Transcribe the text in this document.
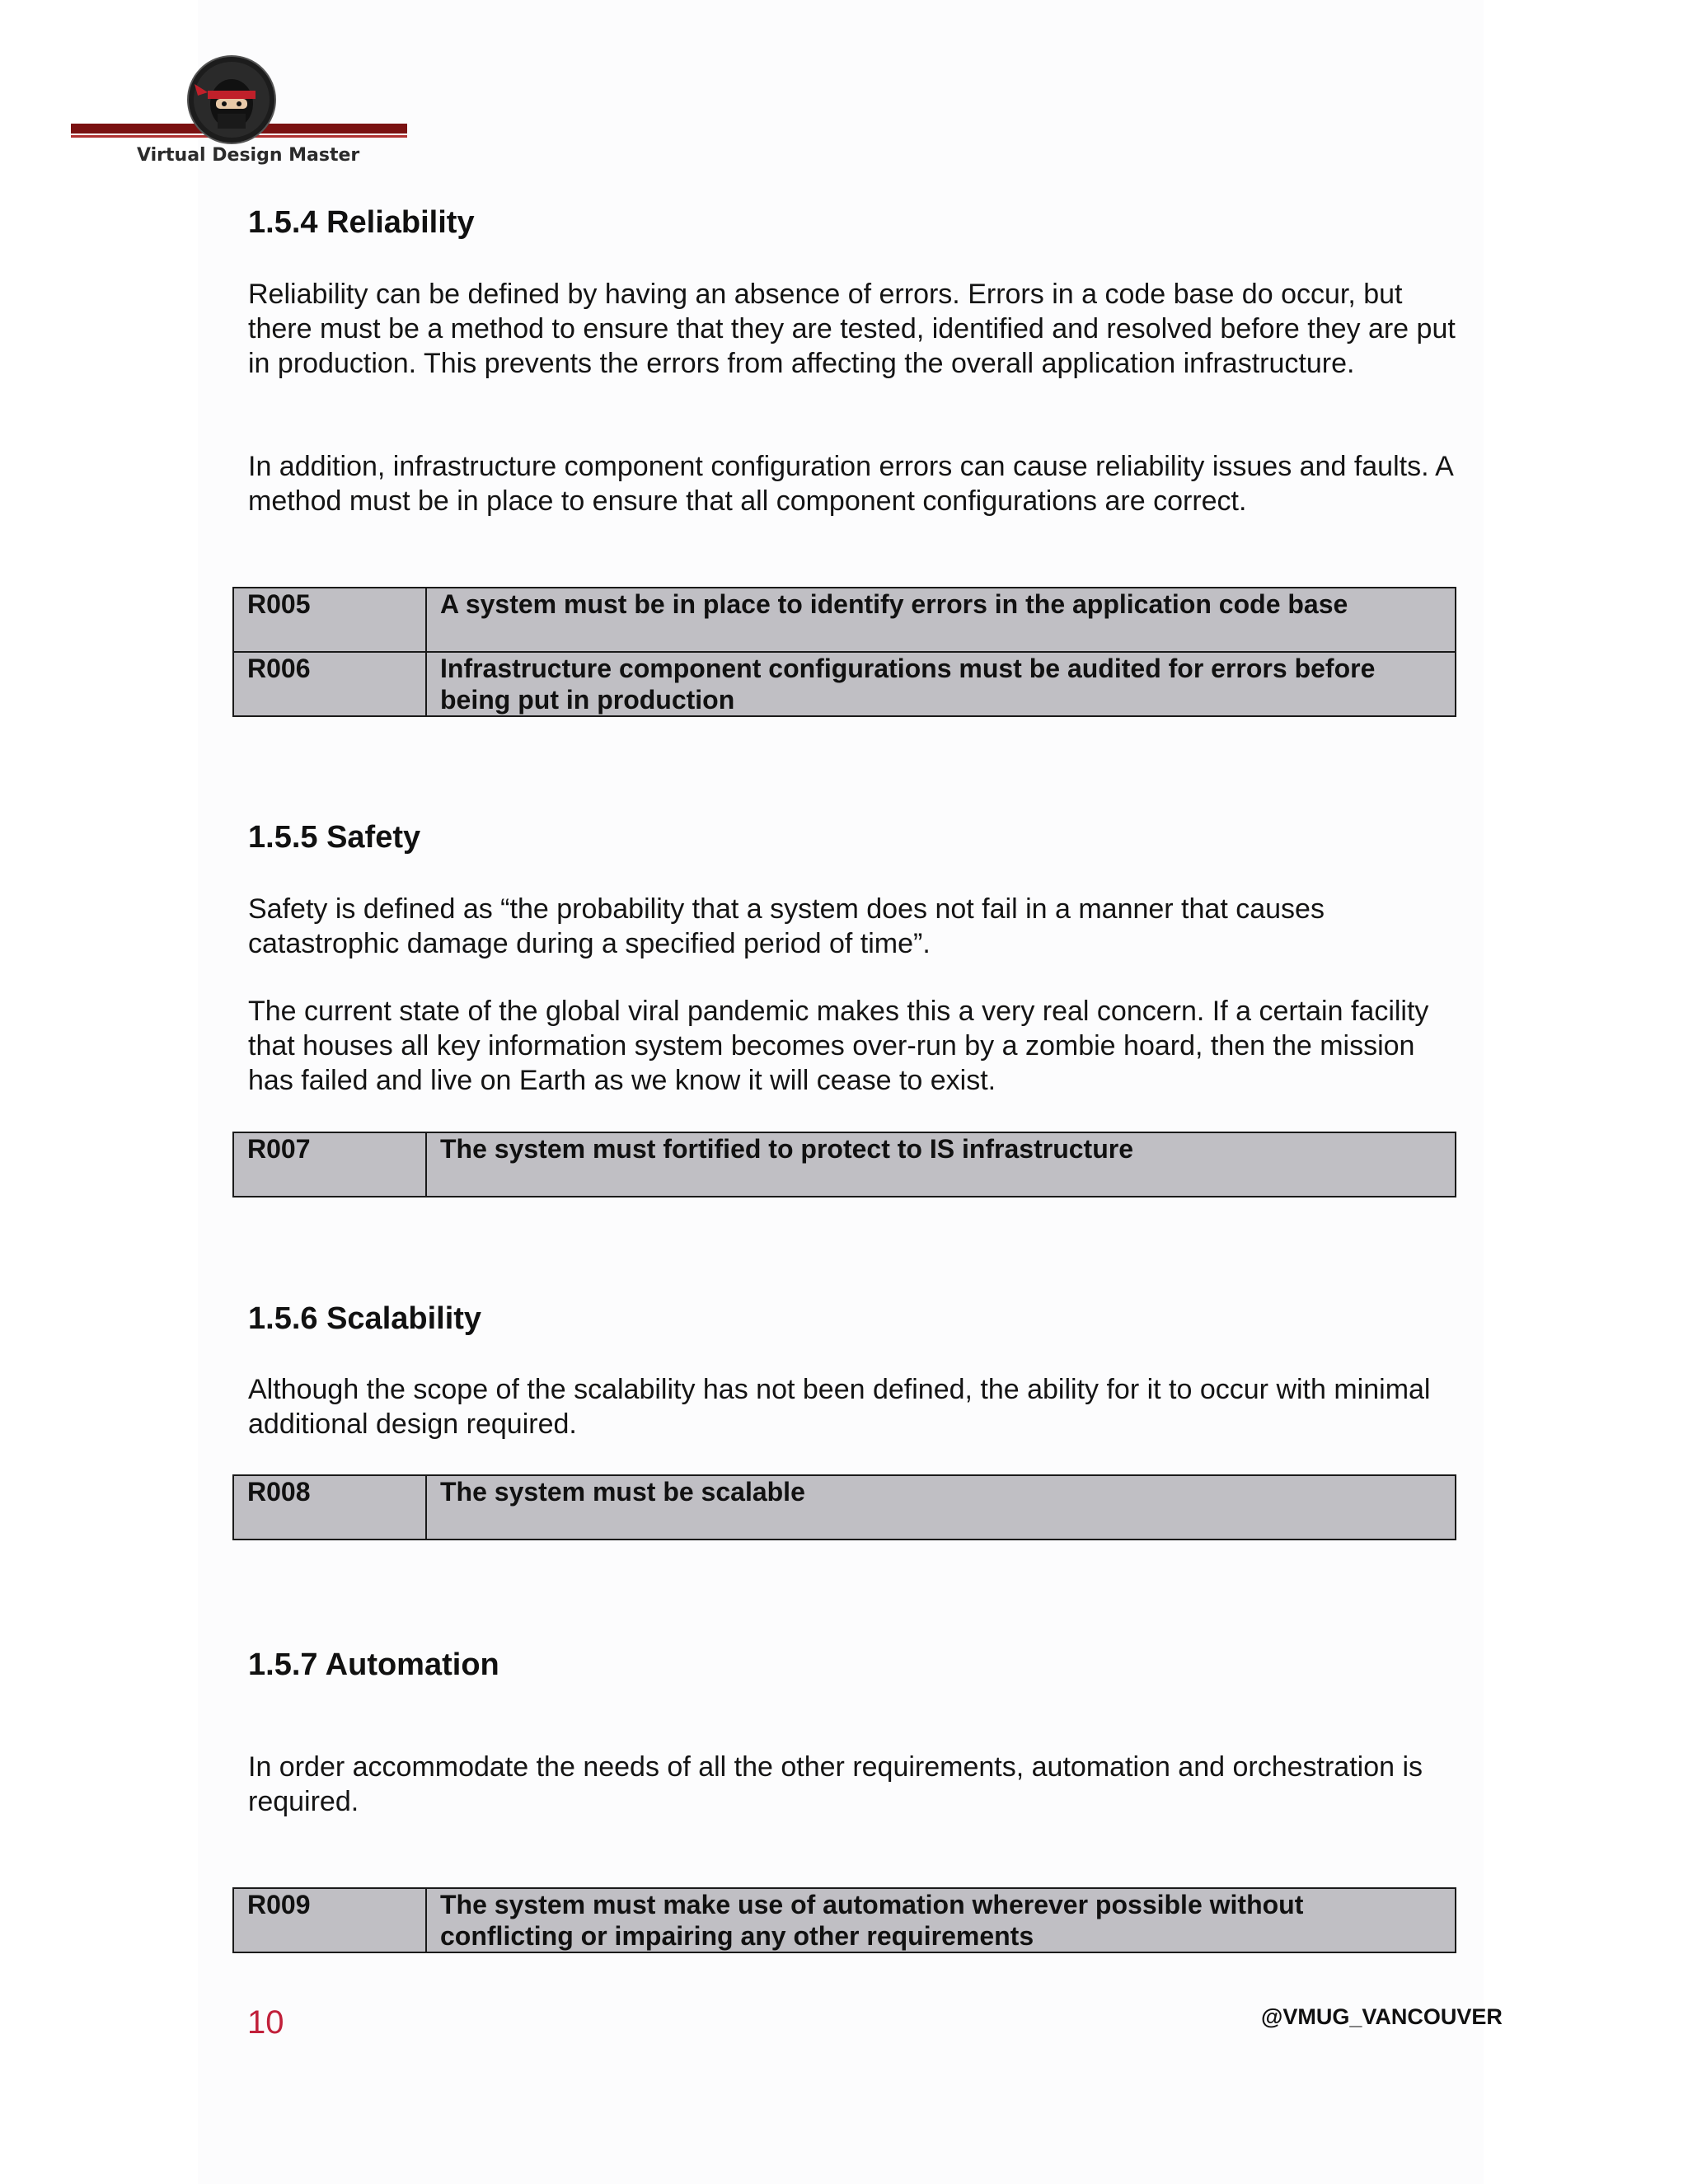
Virtual Design Master
1.5.4 Reliability

Reliability can be defined by having an absence of errors. Errors in a code base do occur, but there must be a method to ensure that they are tested, identified and resolved before they are put in production. This prevents the errors from affecting the overall application infrastructure.

In addition, infrastructure component configuration errors can cause reliability issues and faults. A method must be in place to ensure that all component configurations are correct.

R005	A system must be in place to identify errors in the application code base
R006	Infrastructure component configurations must be audited for errors before being put in production
1.5.5 Safety

Safety is defined as “the probability that a system does not fail in a manner that causes catastrophic damage during a specified period of time”.

The current state of the global viral pandemic makes this a very real concern. If a certain facility that houses all key information system becomes over-run by a zombie hoard, then the mission has failed and live on Earth as we know it will cease to exist.

R007	The system must fortified to protect to IS infrastructure
1.5.6 Scalability

Although the scope of the scalability has not been defined, the ability for it to occur with minimal additional design required.

R008	The system must be scalable
1.5.7 Automation

In order accommodate the needs of all the other requirements, automation and orchestration is required.

R009	The system must make use of automation wherever possible without conflicting or impairing any other requirements
10	@VMUG_VANCOUVER
